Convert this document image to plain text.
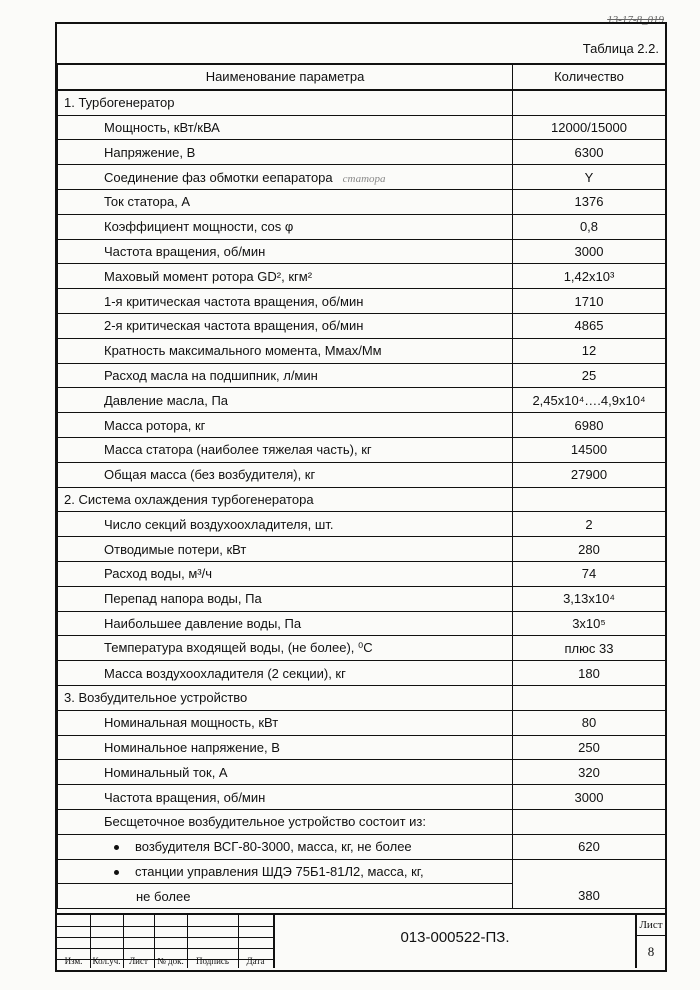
13-17-8_019
Таблица 2.2.
Наименование параметра	Количество
1. Турбогенератор	
Мощность, кВт/кВА	12000/15000
Напряжение, В	6300
Соединение фаз обмотки еепаратора статора	Y
Ток статора, А	1376
Коэффициент мощности, cos φ	0,8
Частота вращения, об/мин	3000
Маховый момент ротора GD², кгм²	1,42x10³
1-я критическая частота вращения, об/мин	1710
2-я критическая частота вращения, об/мин	4865
Кратность максимального момента, Mмах/Mм	12
Расход масла на подшипник, л/мин	25
Давление масла, Па	2,45x10⁴….4,9x10⁴
Масса ротора, кг	6980
Масса статора (наиболее тяжелая часть), кг	14500
Общая масса (без возбудителя), кг	27900
2. Система охлаждения турбогенератора	
Число секций воздухоохладителя, шт.	2
Отводимые потери, кВт	280
Расход воды, м³/ч	74
Перепад напора воды, Па	3,13x10⁴
Наибольшее давление воды, Па	3x10⁵
Температура входящей воды, (не более), ⁰С	плюс 33
Масса воздухоохладителя (2 секции), кг	180
3. Возбудительное устройство	
Номинальная мощность, кВт	80
Номинальное напряжение, В	250
Номинальный ток, А	320
Частота вращения, об/мин	3000
Бесщеточное возбудительное устройство состоит из:	
возбудителя ВСГ-80-3000, масса, кг, не более	620
станции управления ШДЭ 75Б1-81Л2, масса, кг,	
не более	380
Изм.	Кол.уч. Лист	№ док.	Подпись	Дата
013-000522-ПЗ.
Лист
8
